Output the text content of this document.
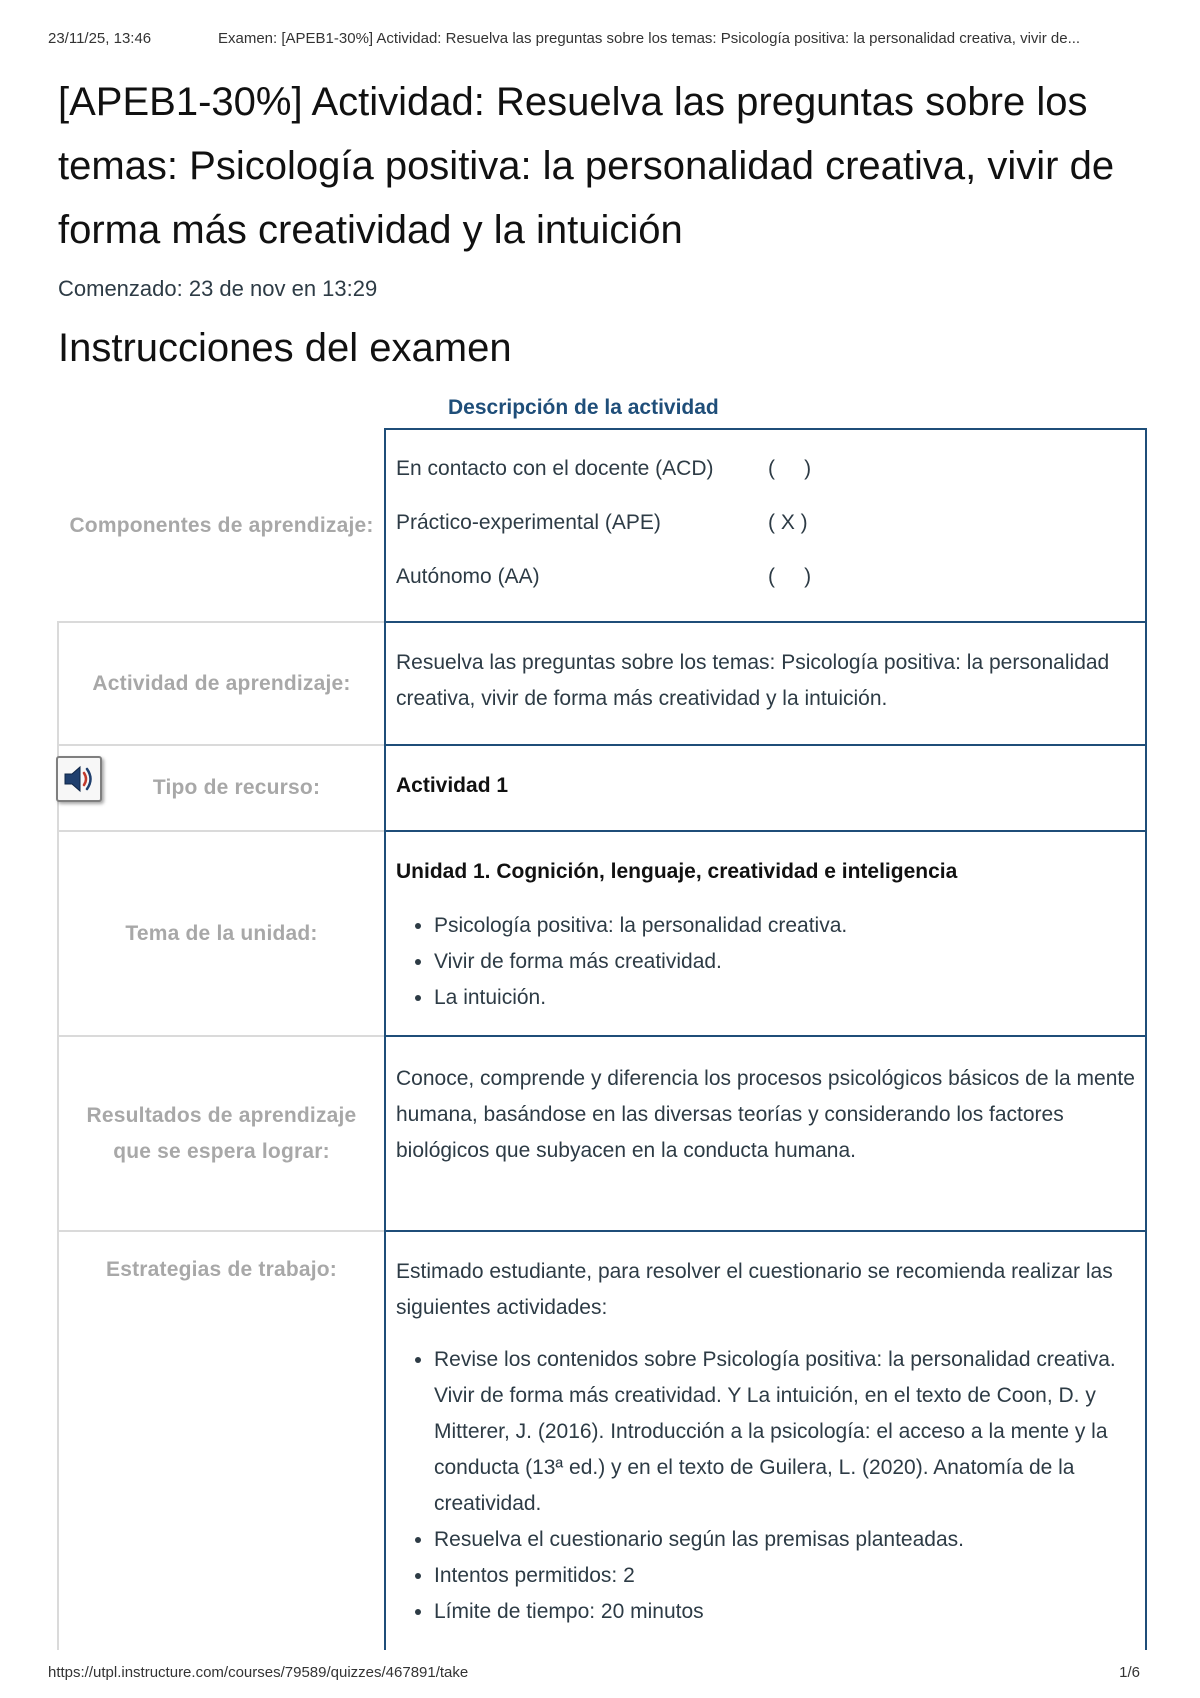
23/11/25, 13:46	Examen: [APEB1-30%] Actividad: Resuelva las preguntas sobre los temas: Psicología positiva: la personalidad creativa, vivir de...
[APEB1-30%] Actividad: Resuelva las preguntas sobre los temas: Psicología positiva: la personalidad creativa, vivir de forma más creatividad y la intuición
Comenzado: 23 de nov en 13:29
Instrucciones del examen
Descripción de la actividad
Componentes de aprendizaje:
En contacto con el docente (ACD)	(     )
Práctico-experimental (APE)	( X )
Autónomo (AA)	(     )
Actividad de aprendizaje:
Resuelva las preguntas sobre los temas: Psicología positiva: la personalidad creativa, vivir de forma más creatividad y la intuición.
Tipo de recurso:	Actividad 1
Tema de la unidad:
Unidad 1. Cognición, lenguaje, creatividad e inteligencia
• Psicología positiva: la personalidad creativa.
• Vivir de forma más creatividad.
• La intuición.
Resultados de aprendizaje que se espera lograr:
Conoce, comprende y diferencia los procesos psicológicos básicos de la mente humana, basándose en las diversas teorías y considerando los factores biológicos que subyacen en la conducta humana.
Estrategias de trabajo:	Estimado estudiante, para resolver el cuestionario se recomienda realizar las siguientes actividades:

• Revise los contenidos sobre Psicología positiva: la personalidad creativa. Vivir de forma más creatividad. Y La intuición, en el texto de Coon, D. y Mitterer, J. (2016). Introducción a la psicología: el acceso a la mente y la conducta (13ª ed.) y en el texto de Guilera, L. (2020). Anatomía de la creatividad.
• Resuelva el cuestionario según las premisas planteadas.
• Intentos permitidos: 2
• Límite de tiempo: 20 minutos
https://utpl.instructure.com/courses/79589/quizzes/467891/take	1/6
